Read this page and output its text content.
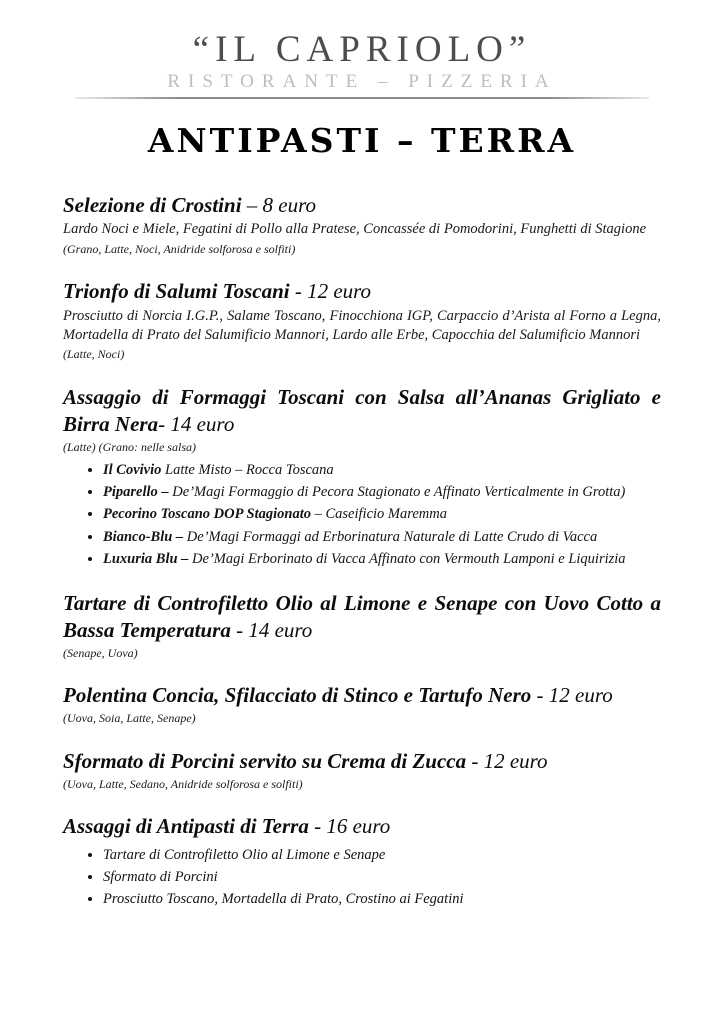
“IL CAPRIOLO”
RISTORANTE – PIZZERIA
ANTIPASTI – TERRA
Selezione di Crostini – 8 euro

Lardo Noci e Miele, Fegatini di Pollo alla Pratese, Concassée di Pomodorini, Funghetti di Stagione

(Grano, Latte, Noci, Anidride solforosa e solfiti)

Trionfo di Salumi Toscani - 12 euro

Prosciutto di Norcia I.G.P., Salame Toscano, Finocchiona IGP, Carpaccio d’Arista al Forno a Legna, Mortadella di Prato del Salumificio Mannori, Lardo alle Erbe, Capocchia del Salumificio Mannori

(Latte, Noci)

Assaggio di Formaggi Toscani con Salsa all’Ananas Grigliato e Birra Nera- 14 euro

(Latte) (Grano: nelle salsa)

• Il Covivio Latte Misto – Rocca Toscana
• Piparello – De’Magi Formaggio di Pecora Stagionato e Affinato Verticalmente in Grotta)
• Pecorino Toscano DOP Stagionato – Caseificio Maremma
• Bianco-Blu – De’Magi Formaggi ad Erborinatura Naturale di Latte Crudo di Vacca
• Luxuria Blu – De’Magi Erborinato di Vacca Affinato con Vermouth Lamponi e Liquirizia
Tartare di Controfiletto Olio al Limone e Senape con Uovo Cotto a Bassa Temperatura - 14 euro

(Senape, Uova)

Polentina Concia, Sfilacciato di Stinco e Tartufo Nero - 12 euro

(Uova, Soia, Latte, Senape)

Sformato di Porcini servito su Crema di Zucca - 12 euro

(Uova, Latte, Sedano, Anidride solforosa e solfiti)

Assaggi di Antipasti di Terra - 16 euro
• Tartare di Controfiletto Olio al Limone e Senape
• Sformato di Porcini
• Prosciutto Toscano, Mortadella di Prato, Crostino ai Fegatini
